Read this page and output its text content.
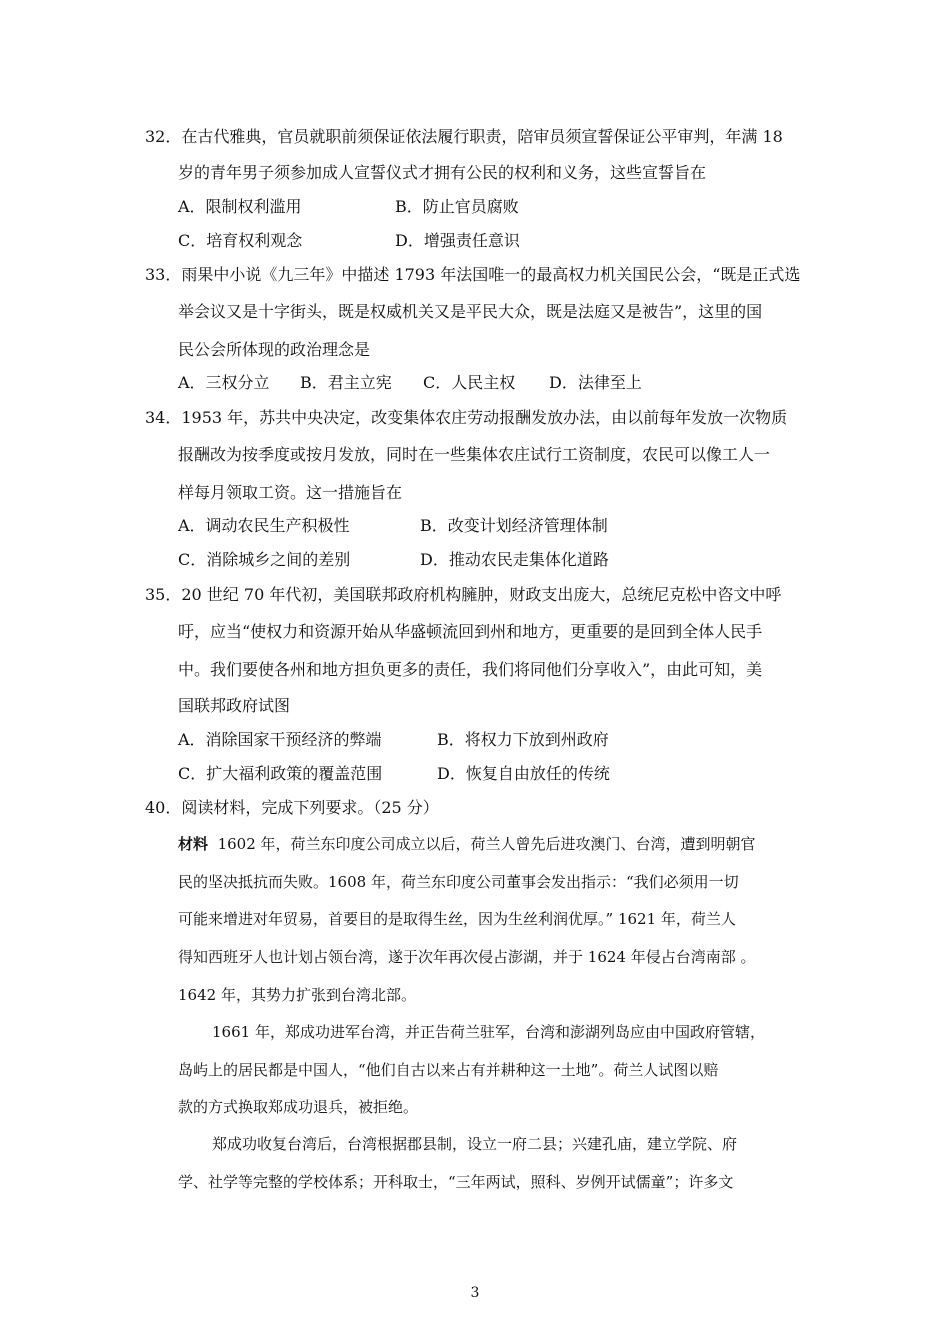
32．在古代雅典，官员就职前须保证依法履行职责，陪审员须宣誓保证公平审判，年满 18
岁的青年男子须参加成人宣誓仪式才拥有公民的权利和义务，这些宣誓旨在
A．限制权利滥用	B．防止官员腐败
C．培育权利观念	D．增强责任意识
33．雨果中小说《九三年》中描述 1793 年法国唯一的最高权力机关国民公会，“既是正式选
举会议又是十字街头，既是权威机关又是平民大众，既是法庭又是被告”，这里的国
民公会所体现的政治理念是
A．三权分立 B．君主立宪 C．人民主权 D．法律至上
34．1953 年，苏共中央决定，改变集体农庄劳动报酬发放办法，由以前每年发放一次物质
报酬改为按季度或按月发放，同时在一些集体农庄试行工资制度，农民可以像工人一
样每月领取工资。这一措施旨在
A．调动农民生产积极性	B．改变计划经济管理体制
C．消除城乡之间的差别	D．推动农民走集体化道路
35．20 世纪 70 年代初，美国联邦政府机构臃肿，财政支出庞大，总统尼克松中咨文中呼
吁，应当“使权力和资源开始从华盛顿流回到州和地方，更重要的是回到全体人民手
中。我们要使各州和地方担负更多的责任，我们将同他们分享收入”，由此可知，美
国联邦政府试图
A．消除国家干预经济的弊端	B．将权力下放到州政府
C．扩大福利政策的覆盖范围	D．恢复自由放任的传统
40．阅读材料，完成下列要求。（25 分）
材料 1602 年，荷兰东印度公司成立以后，荷兰人曾先后进攻澳门、台湾，遭到明朝官
民的坚决抵抗而失败。1608 年，荷兰东印度公司董事会发出指示：“我们必须用一切
可能来增进对年贸易，首要目的是取得生丝，因为生丝利润优厚。” 1621 年，荷兰人
得知西班牙人也计划占领台湾，遂于次年再次侵占澎湖，并于 1624 年侵占台湾南部 。
1642 年，其势力扩张到台湾北部。
1661 年，郑成功进军台湾，并正告荷兰驻军，台湾和澎湖列岛应由中国政府管辖，
岛屿上的居民都是中国人，“他们自古以来占有并耕种这一土地”。荷兰人试图以赔
款的方式换取郑成功退兵，被拒绝。
郑成功收复台湾后，台湾根据郡县制，设立一府二县；兴建孔庙，建立学院、府
学、社学等完整的学校体系；开科取士，“三年两试，照科、岁例开试儒童”；许多文
3
